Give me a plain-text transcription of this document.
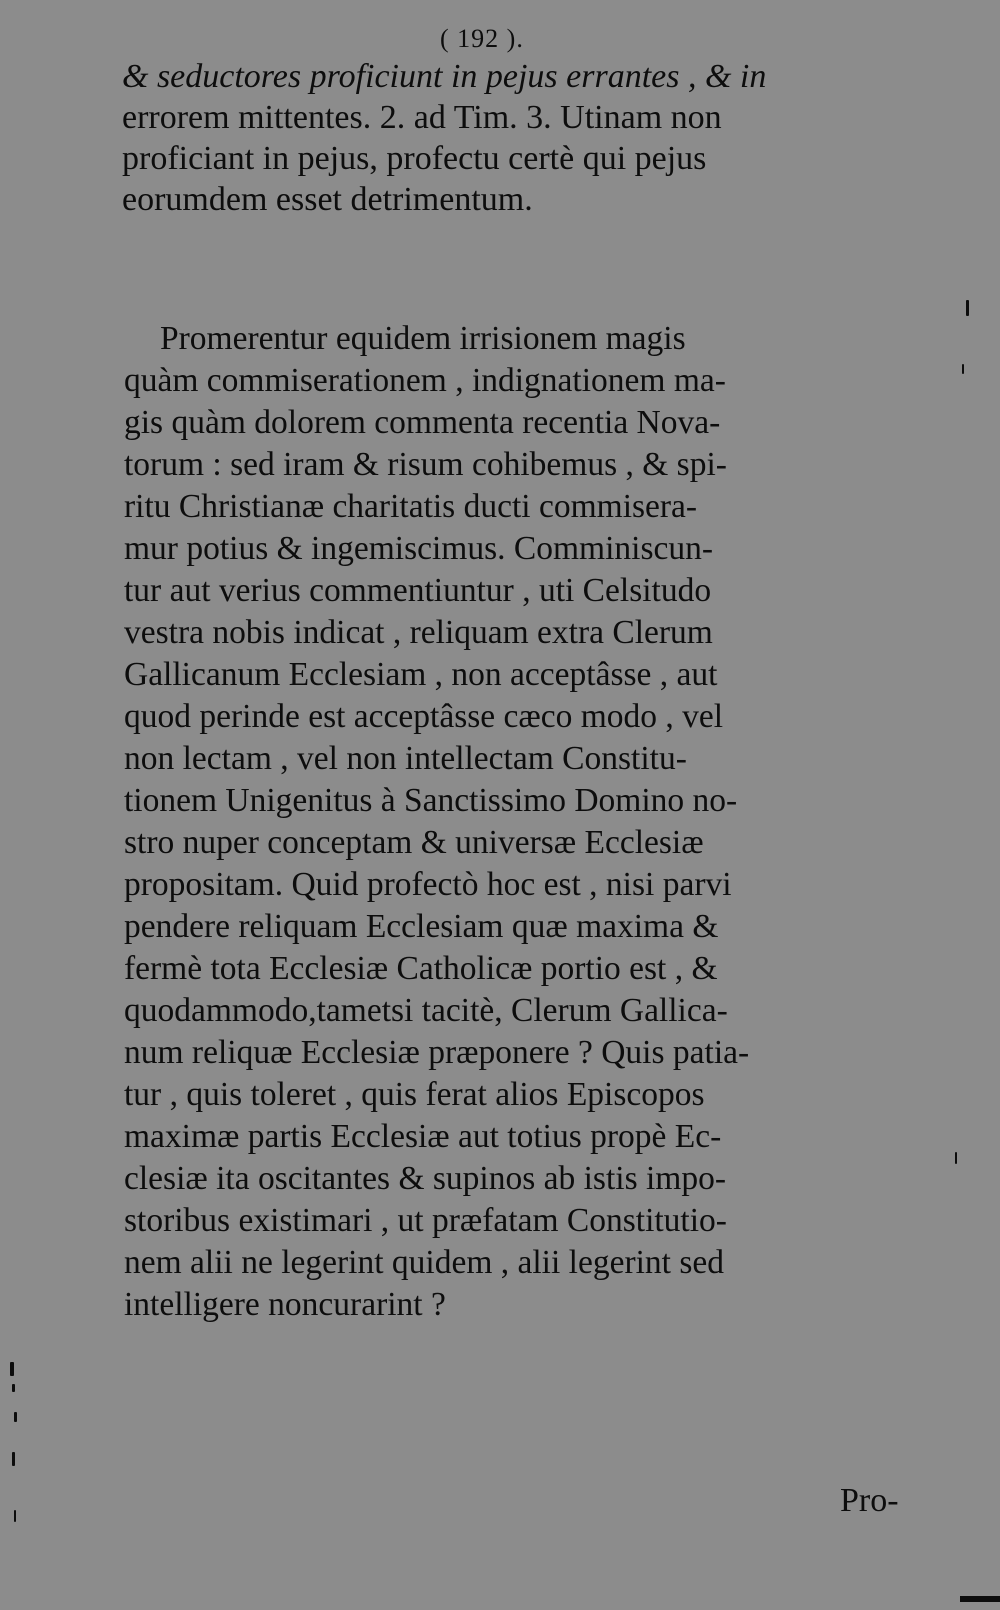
( 192 ).
& seductores proficiunt in pejus errantes , & in
errorem mittentes. 2. ad Tim. 3. Utinam non
proficiant in pejus, profectu certè qui pejus
eorumdem esset detrimentum.
Promerentur equidem irrisionem magis
quàm commiserationem , indignationem ma-
gis quàm dolorem commenta recentia Nova-
torum : sed iram & risum cohibemus , & spi-
ritu Christianæ charitatis ducti commisera-
mur potius & ingemiscimus. Comminiscun-
tur aut verius commentiuntur , uti Celsitudo
vestra nobis indicat , reliquam extra Clerum
Gallicanum Ecclesiam , non acceptâsse , aut
quod perinde est acceptâsse cæco modo , vel
non lectam , vel non intellectam Constitu-
tionem Unigenitus à Sanctissimo Domino no-
stro nuper conceptam & universæ Ecclesiæ
propositam. Quid profectò hoc est , nisi parvi
pendere reliquam Ecclesiam quæ maxima &
fermè tota Ecclesiæ Catholicæ portio est , &
quodammodo,tametsi tacitè, Clerum Gallica-
num reliquæ Ecclesiæ præponere ? Quis patia-
tur , quis toleret , quis ferat alios Episcopos
maximæ partis Ecclesiæ aut totius propè Ec-
clesiæ ita oscitantes & supinos ab istis impo-
storibus existimari , ut præfatam Constitutio-
nem alii ne legerint quidem , alii legerint sed
intelligere noncurarint ?
Pro-
